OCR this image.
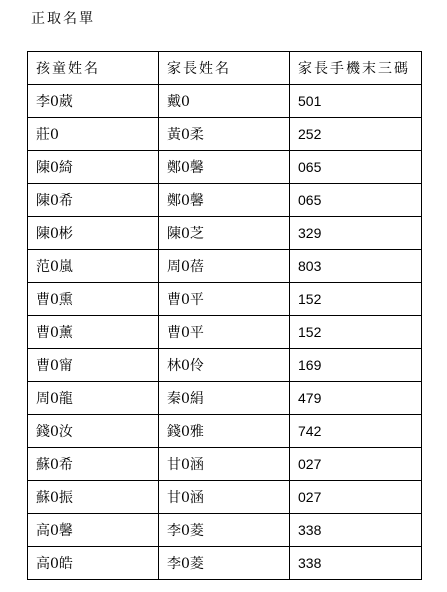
正取名單
孩童姓名	家長姓名	家長手機末三碼
李0葳	戴0	501
莊0	黃0柔	252
陳0綺	鄭0馨	065
陳0希	鄭0馨	065
陳0彬	陳0芝	329
范0嵐	周0蓓	803
曹0熏	曹0平	152
曹0薰	曹0平	152
曹0甯	林0伶	169
周0龍	秦0絹	479
錢0汝	錢0雅	742
蘇0希	甘0涵	027
蘇0振	甘0涵	027
高0馨	李0菱	338
高0皓	李0菱	338
